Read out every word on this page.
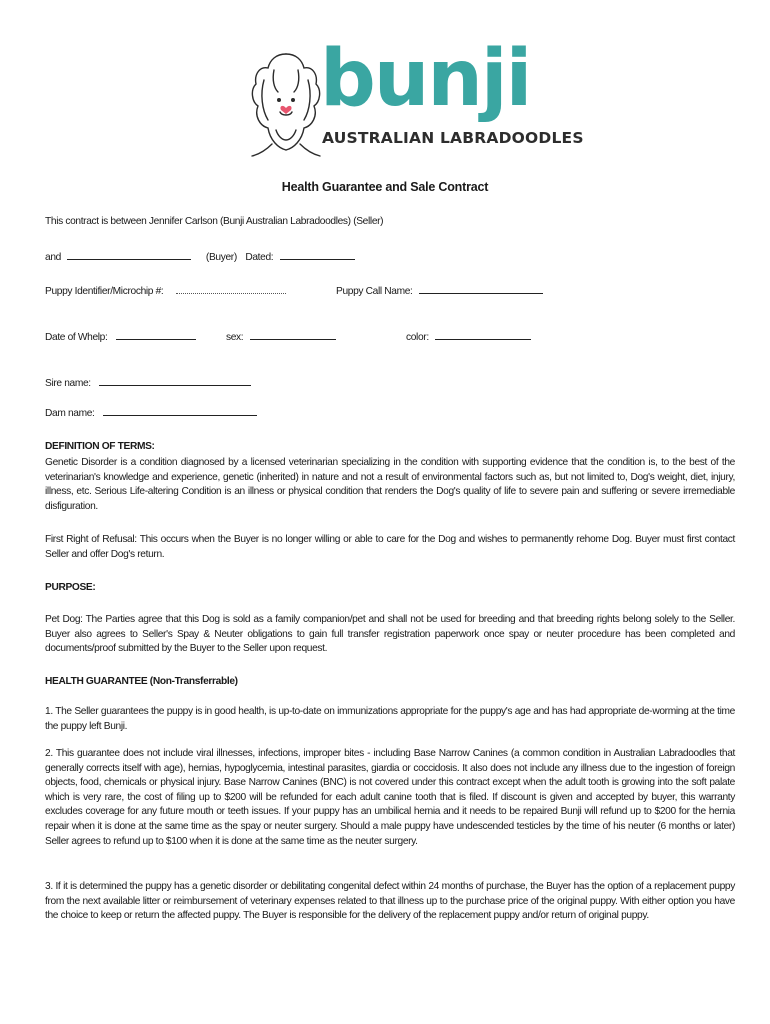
bunji
AUSTRALIAN LABRADOODLES
Health Guarantee and Sale Contract
This contract is between Jennifer Carlson (Bunji Australian Labradoodles) (Seller)
and	(Buyer) Dated:
Puppy Identifier/Microchip #:	Puppy Call Name:
Date of Whelp:	sex:	color:
Sire name:
Dam name:
DEFINITION OF TERMS:
Genetic Disorder is a condition diagnosed by a licensed veterinarian specializing in the condition with supporting evidence that the condition is, to the best of the veterinarian's knowledge and experience, genetic (inherited) in nature and not a result of environmental factors such as, but not limited to, Dog's weight, diet, injury, illness, etc. Serious Life-altering Condition is an illness or physical condition that renders the Dog's quality of life to severe pain and suffering or severe irremediable disfiguration.
First Right of Refusal: This occurs when the Buyer is no longer willing or able to care for the Dog and wishes to permanently rehome Dog. Buyer must first contact Seller and offer Dog's return.
PURPOSE:
Pet Dog: The Parties agree that this Dog is sold as a family companion/pet and shall not be used for breeding and that breeding rights belong solely to the Seller. Buyer also agrees to Seller's Spay & Neuter obligations to gain full transfer registration paperwork once spay or neuter procedure has been completed and documents/proof submitted by the Buyer to the Seller upon request.
HEALTH GUARANTEE (Non-Transferrable)
1. The Seller guarantees the puppy is in good health, is up-to-date on immunizations appropriate for the puppy's age and has had appropriate de-worming at the time the puppy left Bunji.
2. This guarantee does not include viral illnesses, infections, improper bites - including Base Narrow Canines (a common condition in Australian Labradoodles that generally corrects itself with age), hernias, hypoglycemia, intestinal parasites, giardia or coccidosis. It also does not include any illness due to the ingestion of foreign objects, food, chemicals or physical injury. Base Narrow Canines (BNC) is not covered under this contract except when the adult tooth is growing into the soft palate which is very rare, the cost of filing up to $200 will be refunded for each adult canine tooth that is filed. If discount is given and accepted by buyer, this warranty excludes coverage for any future mouth or teeth issues. If your puppy has an umbilical hernia and it needs to be repaired Bunji will refund up to $200 for the hernia repair when it is done at the same time as the spay or neuter surgery. Should a male puppy have undescended testicles by the time of his neuter (6 months or later) Seller agrees to refund up to $100 when it is done at the same time as the neuter surgery.
3. If it is determined the puppy has a genetic disorder or debilitating congenital defect within 24 months of purchase, the Buyer has the option of a replacement puppy from the next available litter or reimbursement of veterinary expenses related to that illness up to the purchase price of the original puppy. With either option you have the choice to keep or return the affected puppy. The Buyer is responsible for the delivery of the replacement puppy and/or return of original puppy.
